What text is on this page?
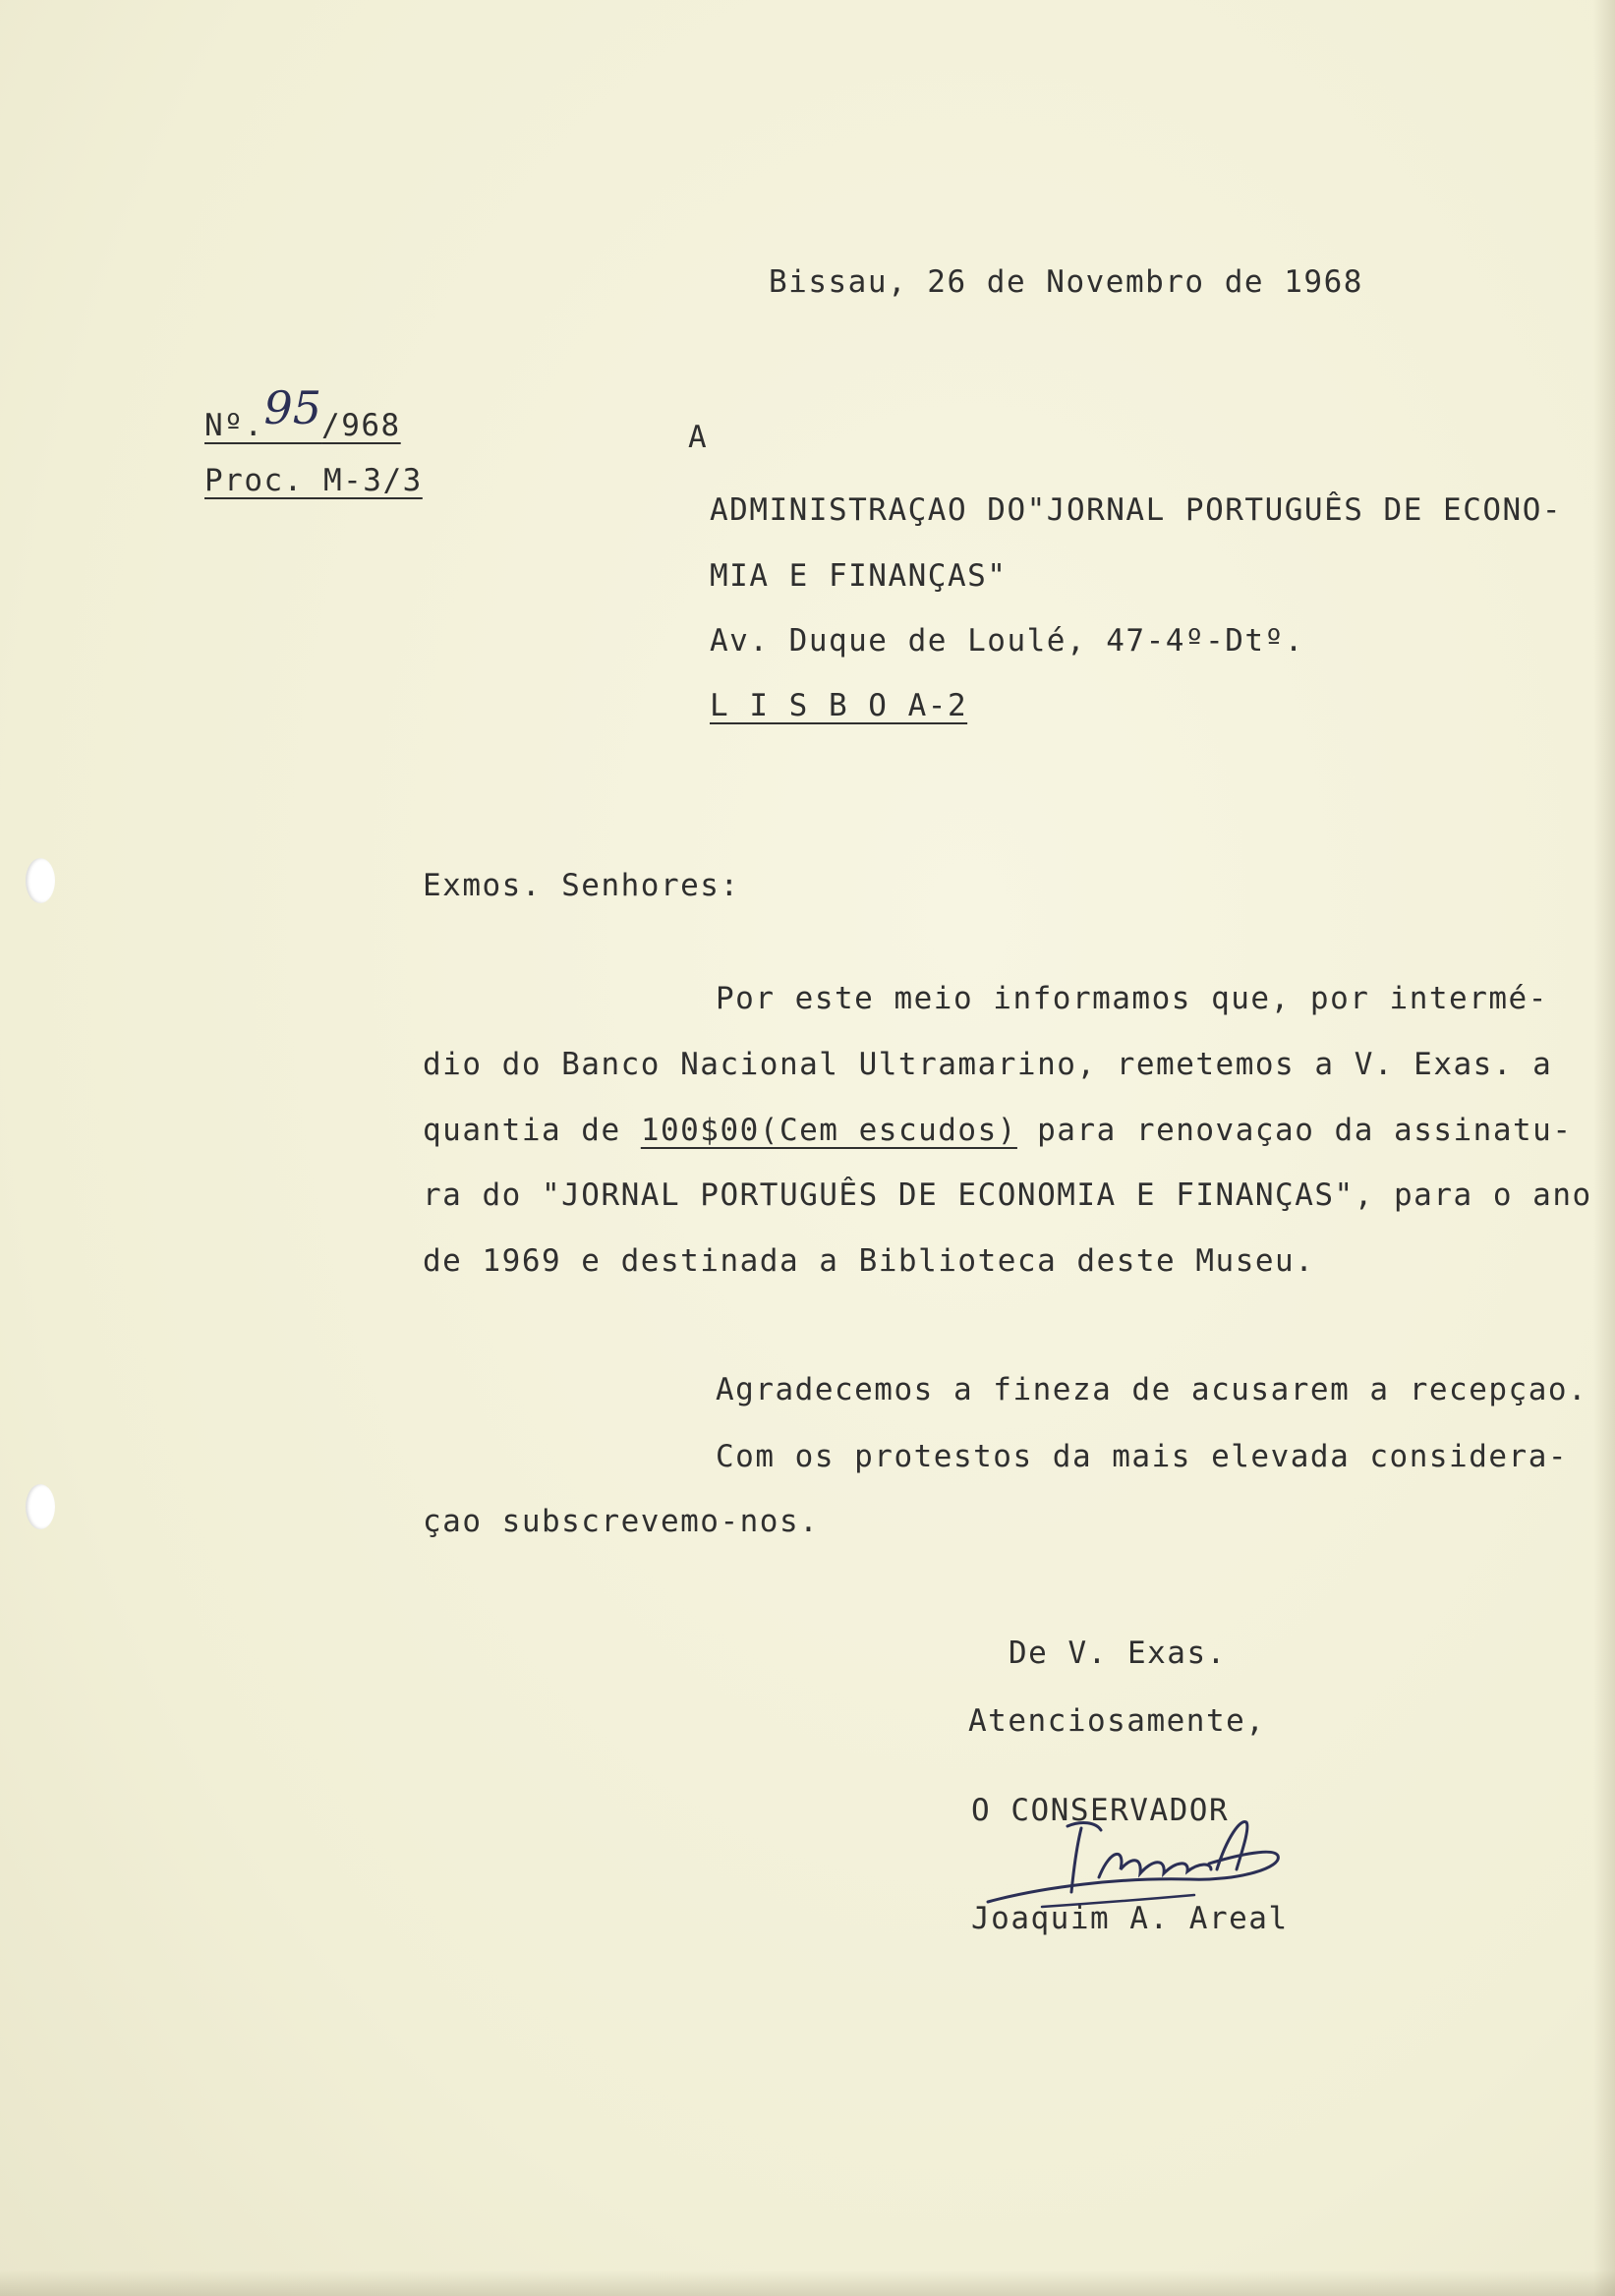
Bissau, 26 de Novembro de 1968
Nº.95/968
Proc. M-3/3
A
ADMINISTRAÇAO DO"JORNAL PORTUGUÊS DE ECONO-
MIA E FINANÇAS"
Av. Duque de Loulé, 47-4º-Dtº.
L I S B O A-2
Exmos. Senhores:
Por este meio informamos que, por intermé-
dio do Banco Nacional Ultramarino, remetemos a V. Exas. a
quantia de 100$00(Cem escudos) para renovaçao da assinatu-
ra do "JORNAL PORTUGUÊS DE ECONOMIA E FINANÇAS", para o ano
de 1969 e destinada a Biblioteca deste Museu.
Agradecemos a fineza de acusarem a recepçao.
Com os protestos da mais elevada considera-
çao subscrevemo-nos.
De V. Exas.
Atenciosamente,
O CONSERVADOR
Joaquim A. Areal
